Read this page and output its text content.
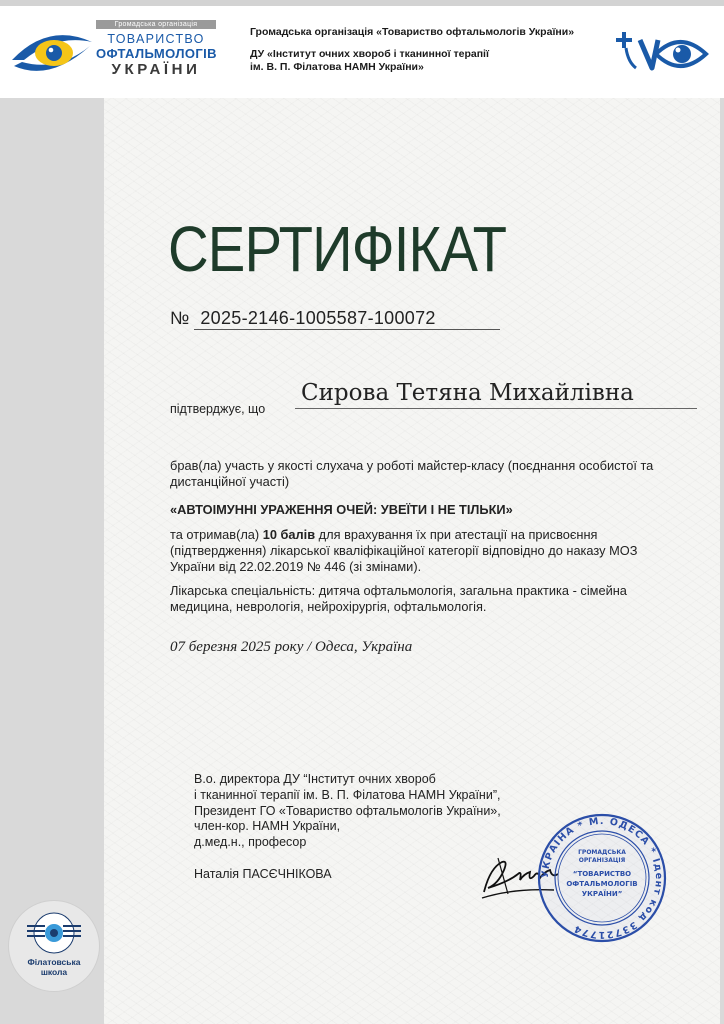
Громадська організація
ТОВАРИСТВО
ОФТАЛЬМОЛОГІВ
УКРАЇНИ
Громадська організація «Товариство офтальмологів України»
ДУ «Інститут очних хвороб і тканинної терапії
ім. В. П. Філатова НАМН України»
СЕРТИФІКАТ
№ 2025-2146-1005587-100072
підтверджує, що
Сирова Тетяна Михайлівна

брав(ла) участь у якості слухача у роботі майстер-класу (поєднання особистої та дистанційної участі)

«АВТОІМУННІ УРАЖЕННЯ ОЧЕЙ: УВЕЇТИ І НЕ ТІЛЬКИ»

та отримав(ла) 10 балів для врахування їх при атестації на присвоєння (підтвердження) лікарської кваліфікаційної категорії відповідно до наказу МОЗ України від 22.02.2019 № 446 (зі змінами).

Лікарська спеціальність: дитяча офтальмологія, загальна практика - сімейна медицина, неврологія, нейрохірургія, офтальмологія.

07 березня 2025 року / Одеса, Україна

В.о. директора ДУ “Інститут очних хвороб

і тканинної терапії ім. В. П. Філатова НАМН України”,

Президент ГО «Товариство офтальмологів України»,

член-кор. НАМН України,

д.мед.н., професор

Наталія ПАСЄЧНІКОВА	УКРАЇНА * М. ОДЕСА * Ідент код 33721774
ГРОМАДСЬКА
ОРГАНІЗАЦІЯ
“ТОВАРИСТВО
ОФТАЛЬМОЛОГІВ
УКРАЇНИ”
Філатовська
школа
